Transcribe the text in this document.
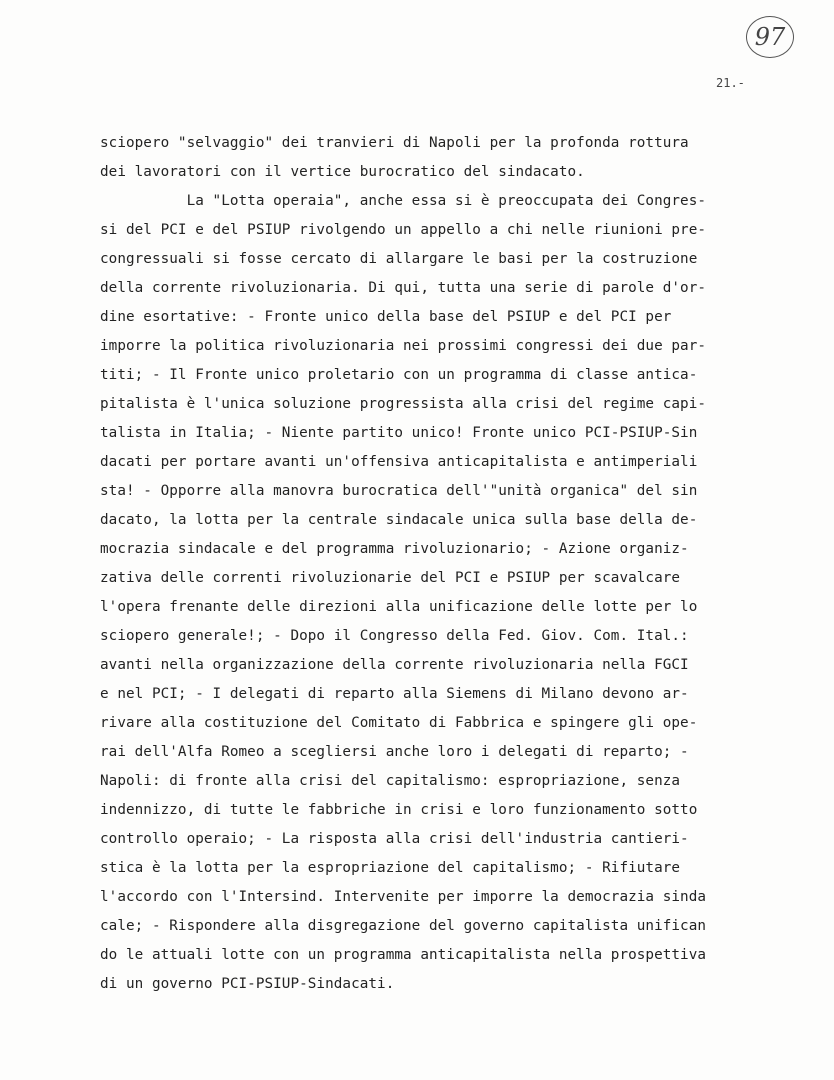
97
21.-
sciopero "selvaggio" dei tranvieri di Napoli per la profonda rottura
dei lavoratori con il vertice burocratico del sindacato.
La "Lotta operaia", anche essa si è preoccupata dei Congres-
si del PCI e del PSIUP rivolgendo un appello a chi nelle riunioni pre-
congressuali si fosse cercato di allargare le basi per la costruzione
della corrente rivoluzionaria. Di qui, tutta una serie di parole d'or-
dine esortative: - Fronte unico della base del PSIUP e del PCI per
imporre la politica rivoluzionaria nei prossimi congressi dei due par-
titi; - Il Fronte unico proletario con un programma di classe antica-
pitalista è l'unica soluzione progressista alla crisi del regime capi-
talista in Italia; - Niente partito unico! Fronte unico PCI-PSIUP-Sin
dacati per portare avanti un'offensiva anticapitalista e antimperiali
sta! - Opporre alla manovra burocratica dell'"unità organica" del sin
dacato, la lotta per la centrale sindacale unica sulla base della de-
mocrazia sindacale e del programma rivoluzionario; - Azione organiz-
zativa delle correnti rivoluzionarie del PCI e PSIUP per scavalcare
l'opera frenante delle direzioni alla unificazione delle lotte per lo
sciopero generale!; - Dopo il Congresso della Fed. Giov. Com. Ital.:
avanti nella organizzazione della corrente rivoluzionaria nella FGCI
e nel PCI; - I delegati di reparto alla Siemens di Milano devono ar-
rivare alla costituzione del Comitato di Fabbrica e spingere gli ope-
rai dell'Alfa Romeo a scegliersi anche loro i delegati di reparto; -
Napoli: di fronte alla crisi del capitalismo: espropriazione, senza
indennizzo, di tutte le fabbriche in crisi e loro funzionamento sotto
controllo operaio; - La risposta alla crisi dell'industria cantieri-
stica è la lotta per la espropriazione del capitalismo; - Rifiutare
l'accordo con l'Intersind. Intervenite per imporre la democrazia sinda
cale; - Rispondere alla disgregazione del governo capitalista unifican
do le attuali lotte con un programma anticapitalista nella prospettiva
di un governo PCI-PSIUP-Sindacati.
